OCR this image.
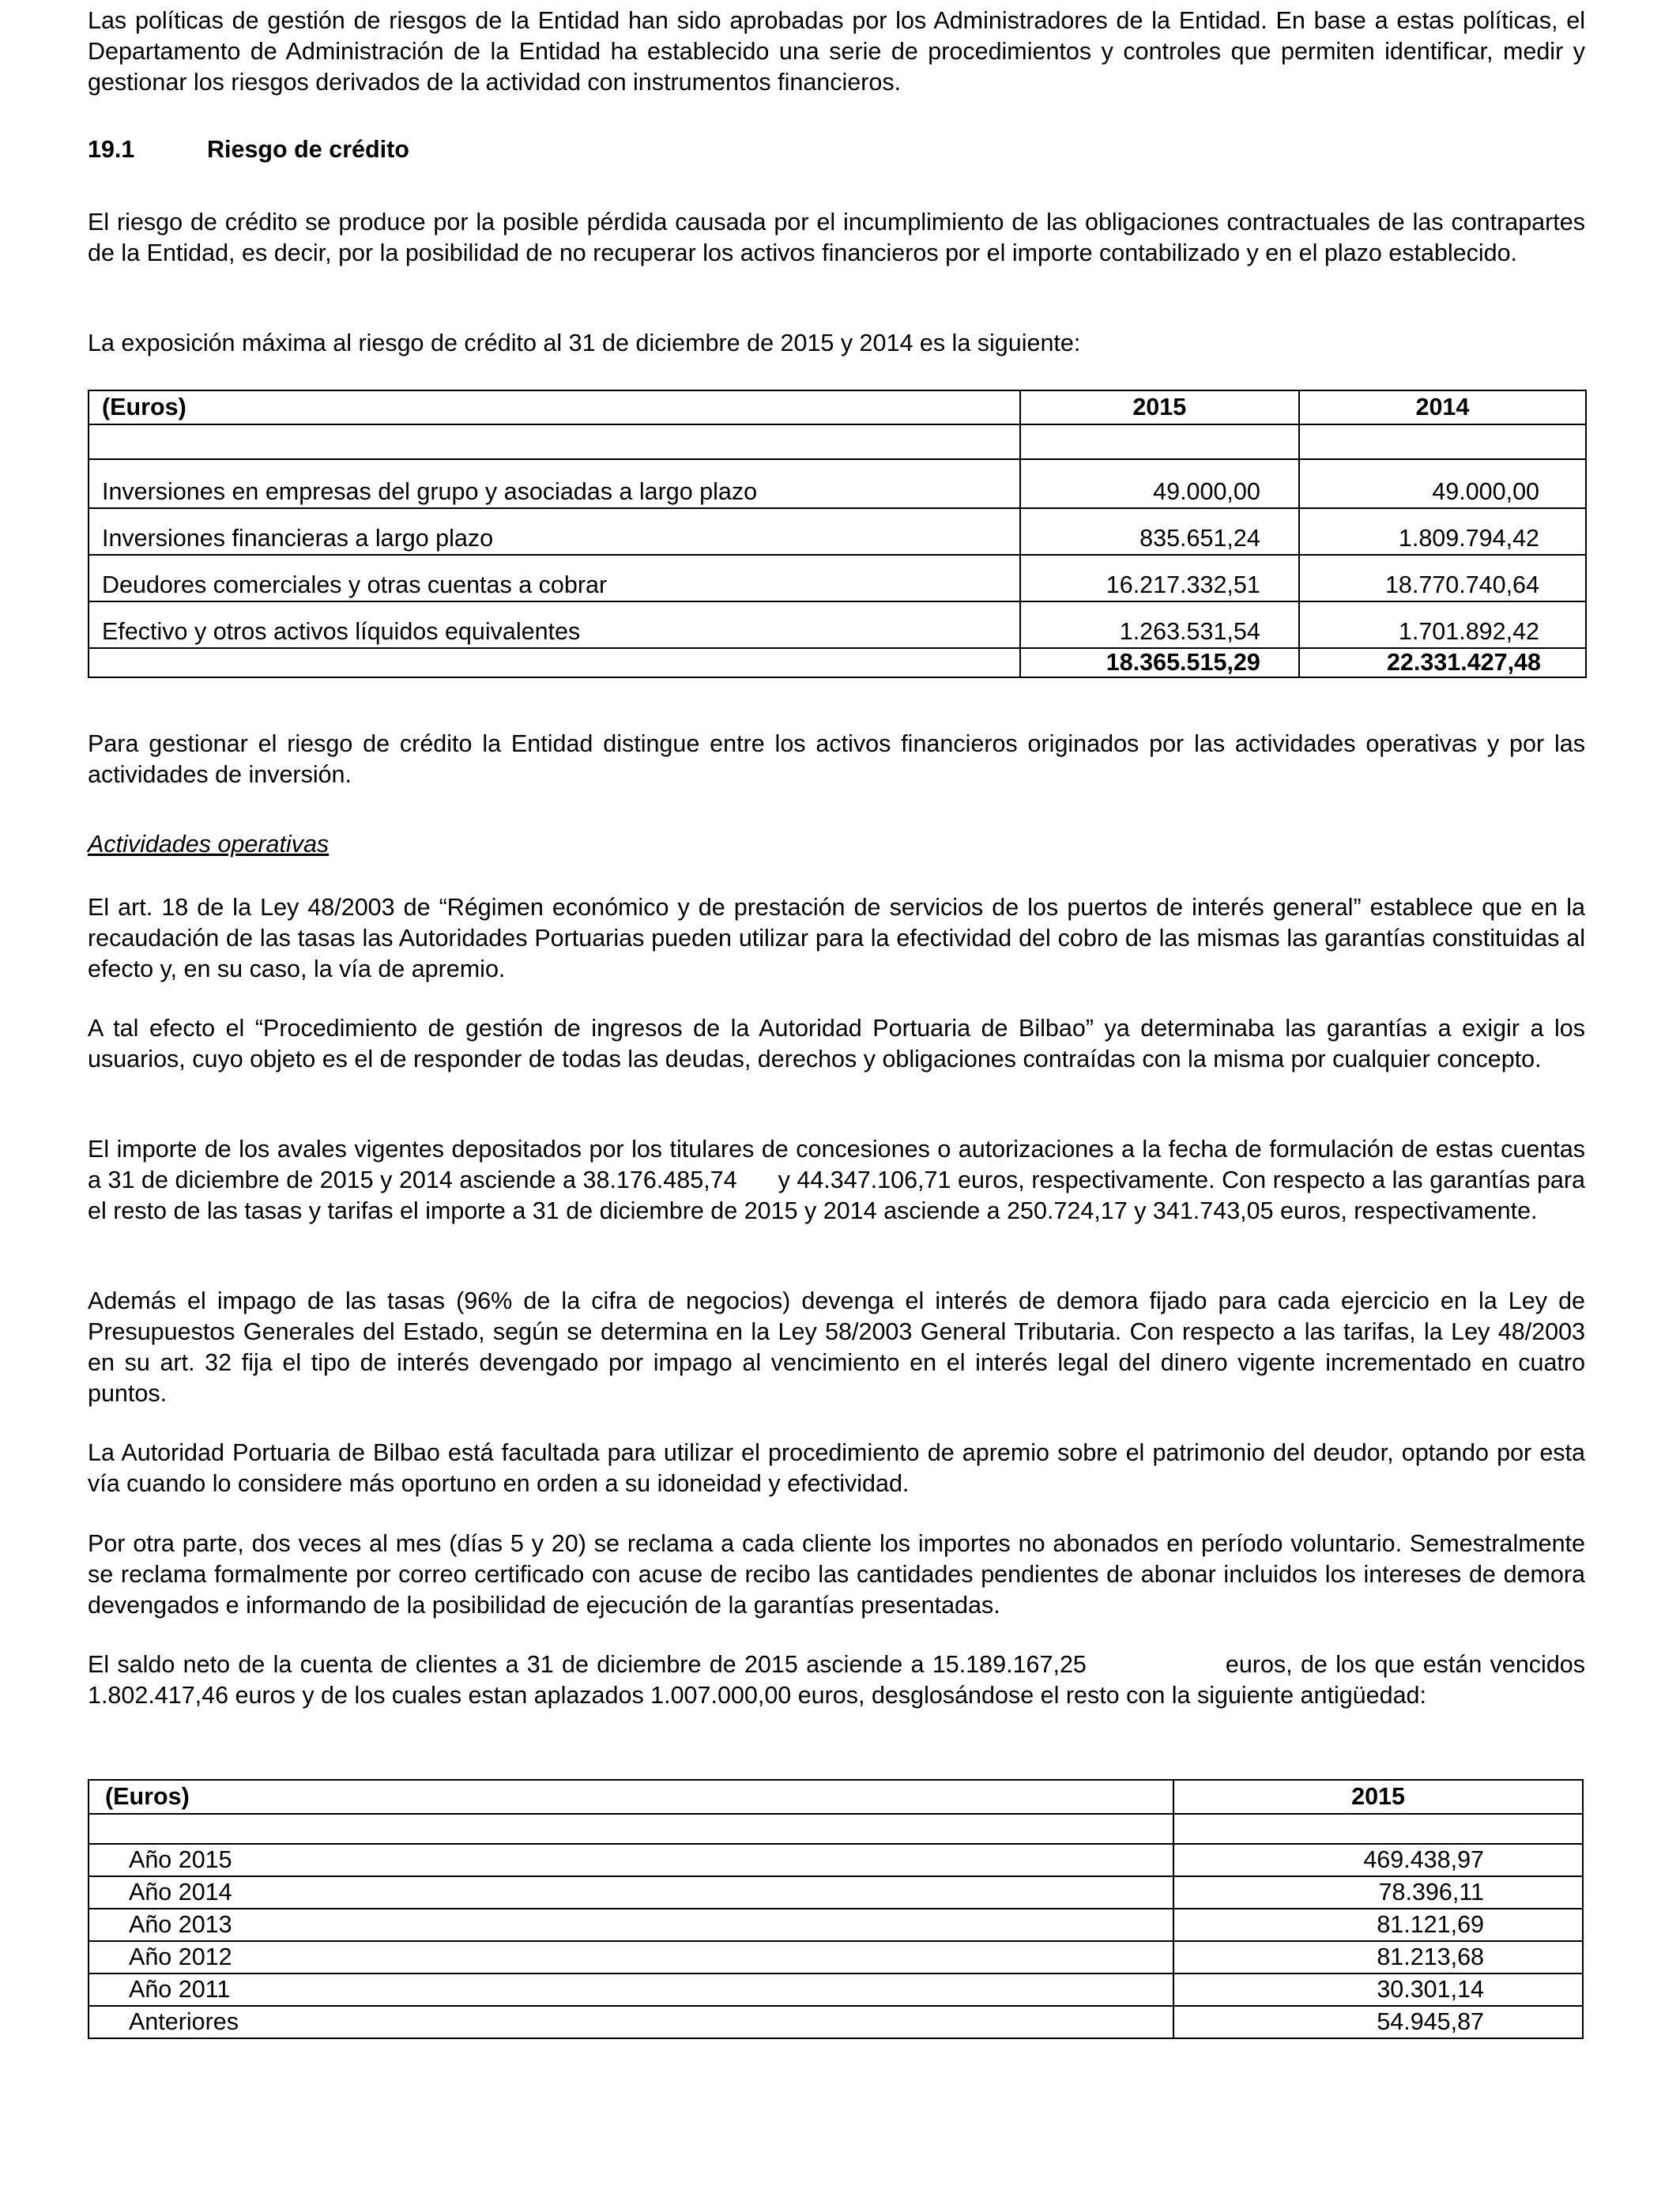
Las políticas de gestión de riesgos de la Entidad han sido aprobadas por los Administradores de la Entidad. En base a estas políticas, el Departamento de Administración de la Entidad ha establecido una serie de procedimientos y controles que permiten identificar, medir y gestionar los riesgos derivados de la actividad con instrumentos financieros.

19.1	Riesgo de crédito

El riesgo de crédito se produce por la posible pérdida causada por el incumplimiento de las obligaciones contractuales de las contrapartes de la Entidad, es decir, por la posibilidad de no recuperar los activos financieros por el importe contabilizado y en el plazo establecido.

La exposición máxima al riesgo de crédito al 31 de diciembre de 2015 y 2014 es la siguiente:

(Euros)	2015	2014

Inversiones en empresas del grupo y asociadas a largo plazo	49.000,00	49.000,00
Inversiones financieras a largo plazo	835.651,24	1.809.794,42
Deudores comerciales y otras cuentas a cobrar	16.217.332,51	18.770.740,64
Efectivo y otros activos líquidos equivalentes	1.263.531,54	1.701.892,42
	18.365.515,29	22.331.427,48

Para gestionar el riesgo de crédito la Entidad distingue entre los activos financieros originados por las actividades operativas y por las actividades de inversión.

Actividades operativas

El art. 18 de la Ley 48/2003 de “Régimen económico y de prestación de servicios de los puertos de interés general” establece que en la recaudación de las tasas las Autoridades Portuarias pueden utilizar para la efectividad del cobro de las mismas las garantías constituidas al efecto y, en su caso, la vía de apremio.

A tal efecto el “Procedimiento de gestión de ingresos de la Autoridad Portuaria de Bilbao” ya determinaba las garantías a exigir a los usuarios, cuyo objeto es el de responder de todas las deudas, derechos y obligaciones contraídas con la misma por cualquier concepto.

El importe de los avales vigentes depositados por los titulares de concesiones o autorizaciones a la fecha de formulación de estas cuentas a 31 de diciembre de 2015 y 2014 asciende a 38.176.485,74 y 44.347.106,71 euros, respectivamente. Con respecto a las garantías para el resto de las tasas y tarifas el importe a 31 de diciembre de 2015 y 2014 asciende a 250.724,17 y 341.743,05 euros, respectivamente.

Además el impago de las tasas (96% de la cifra de negocios) devenga el interés de demora fijado para cada ejercicio en la Ley de Presupuestos Generales del Estado, según se determina en la Ley 58/2003 General Tributaria. Con respecto a las tarifas, la Ley 48/2003 en su art. 32 fija el tipo de interés devengado por impago al vencimiento en el interés legal del dinero vigente incrementado en cuatro puntos.

La Autoridad Portuaria de Bilbao está facultada para utilizar el procedimiento de apremio sobre el patrimonio del deudor, optando por esta vía cuando lo considere más oportuno en orden a su idoneidad y efectividad.

Por otra parte, dos veces al mes (días 5 y 20) se reclama a cada cliente los importes no abonados en período voluntario. Semestralmente se reclama formalmente por correo certificado con acuse de recibo las cantidades pendientes de abonar incluidos los intereses de demora devengados e informando de la posibilidad de ejecución de la garantías presentadas.

El saldo neto de la cuenta de clientes a 31 de diciembre de 2015 asciende a 15.189.167,25	euros, de los que están vencidos 1.802.417,46 euros y de los cuales estan aplazados 1.007.000,00 euros, desglosándose el resto con la siguiente antigüedad:

(Euros)	2015

Año 2015	469.438,97
Año 2014	78.396,11
Año 2013	81.121,69
Año 2012	81.213,68
Año 2011	30.301,14
Anteriores	54.945,87
